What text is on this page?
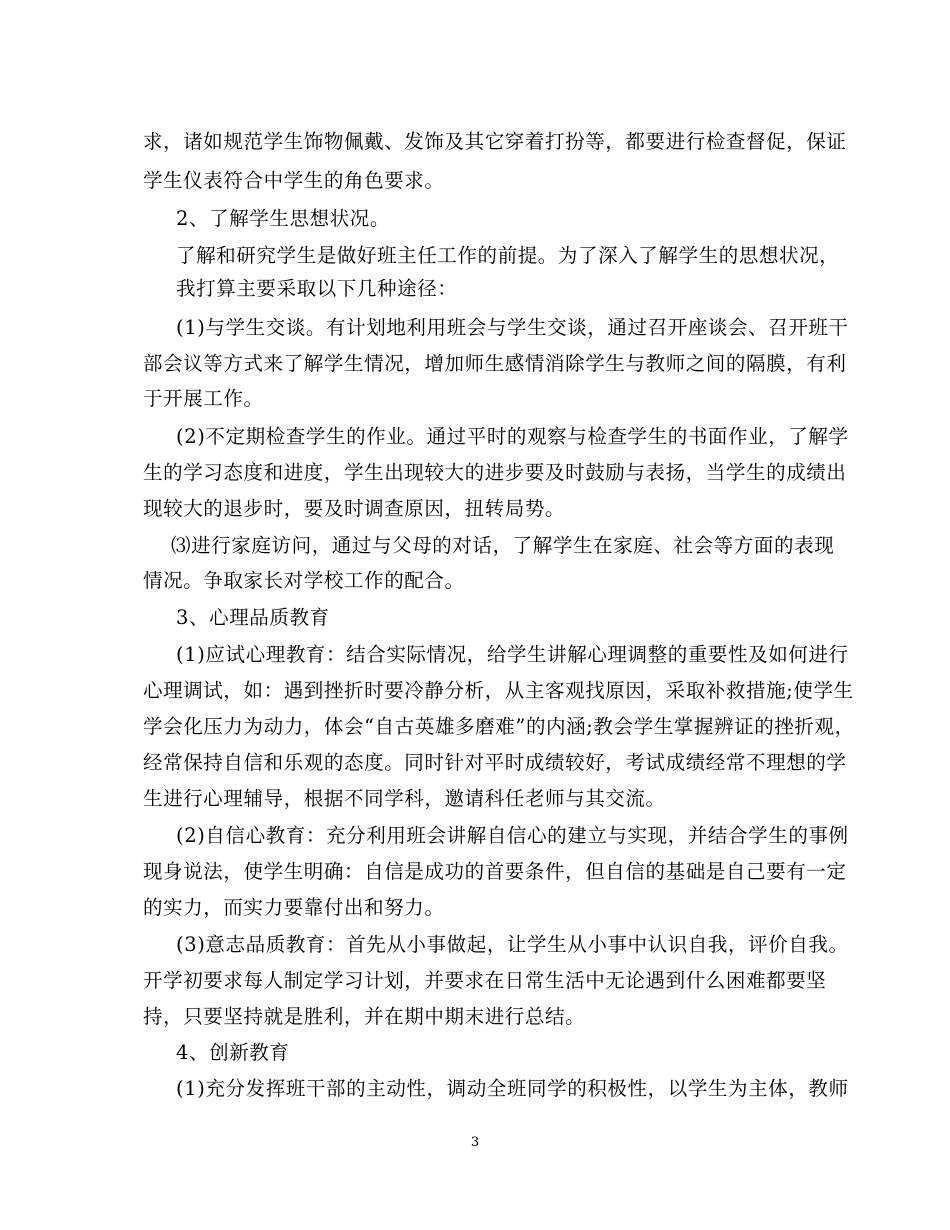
求，诸如规范学生饰物佩戴、发饰及其它穿着打扮等，都要进行检查督促，保证
学生仪表符合中学生的角色要求。
2、了解学生思想状况。
了解和研究学生是做好班主任工作的前提。为了深入了解学生的思想状况，
我打算主要采取以下几种途径：
(1)与学生交谈。有计划地利用班会与学生交谈，通过召开座谈会、召开班干
部会议等方式来了解学生情况，增加师生感情消除学生与教师之间的隔膜，有利
于开展工作。
(2)不定期检查学生的作业。通过平时的观察与检查学生的书面作业，了解学
生的学习态度和进度，学生出现较大的进步要及时鼓励与表扬，当学生的成绩出
现较大的退步时，要及时调查原因，扭转局势。
⑶进行家庭访问，通过与父母的对话，了解学生在家庭、社会等方面的表现
情况。争取家长对学校工作的配合。
3、心理品质教育
(1)应试心理教育：结合实际情况，给学生讲解心理调整的重要性及如何进行
心理调试，如：遇到挫折时要冷静分析，从主客观找原因，采取补救措施;使学生
学会化压力为动力，体会“自古英雄多磨难”的内涵;教会学生掌握辨证的挫折观，
经常保持自信和乐观的态度。同时针对平时成绩较好，考试成绩经常不理想的学
生进行心理辅导，根据不同学科，邀请科任老师与其交流。
(2)自信心教育：充分利用班会讲解自信心的建立与实现，并结合学生的事例
现身说法，使学生明确：自信是成功的首要条件，但自信的基础是自己要有一定
的实力，而实力要靠付出和努力。
(3)意志品质教育：首先从小事做起，让学生从小事中认识自我，评价自我。
开学初要求每人制定学习计划，并要求在日常生活中无论遇到什么困难都要坚
持，只要坚持就是胜利，并在期中期末进行总结。
4、创新教育
(1)充分发挥班干部的主动性，调动全班同学的积极性，以学生为主体，教师
3
